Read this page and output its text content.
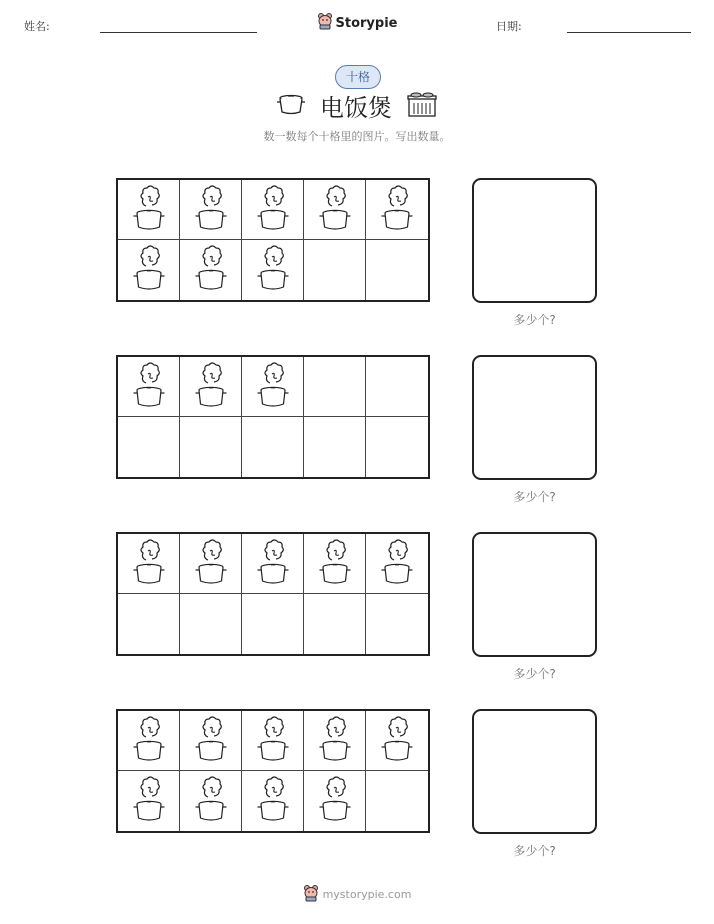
姓名:	Storypie	日期:
十格
电饭煲
数一数每个十格里的图片。写出数量。
多少个?
多少个?
多少个?
多少个?
mystorypie.com
